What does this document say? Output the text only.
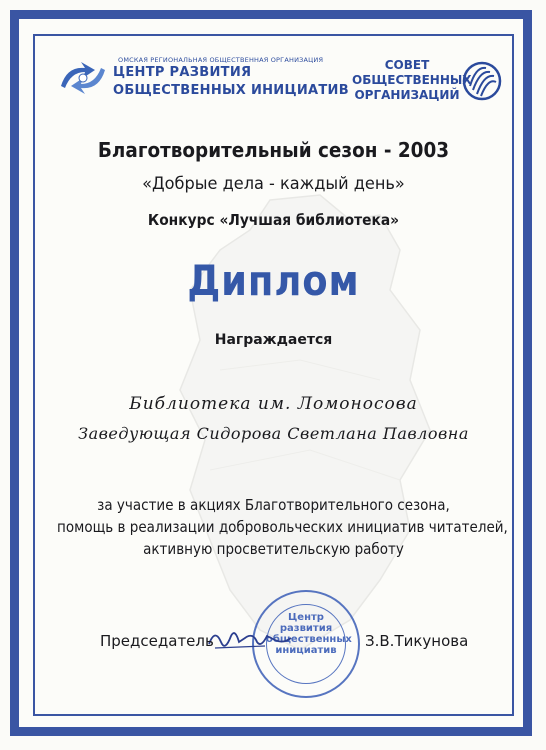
ОМСКАЯ РЕГИОНАЛЬНАЯ ОБЩЕСТВЕННАЯ ОРГАНИЗАЦИЯ
ЦЕНТР РАЗВИТИЯ
ОБЩЕСТВЕННЫХ ИНИЦИАТИВ
СОВЕТ
ОБЩЕСТВЕННЫХ
ОРГАНИЗАЦИЙ
Благотворительный сезон - 2003
«Добрые дела - каждый день»
Конкурс «Лучшая библиотека»
Диплом
Награждается
Библиотека им. Ломоносова
Заведующая Сидорова Светлана Павловна
за участие в акциях Благотворительного сезона,
помощь в реализации добровольческих инициатив читателей,
активную просветительскую работу
Центр
развития
общественных
инициатив
Председатель	З.В.Тикунова
